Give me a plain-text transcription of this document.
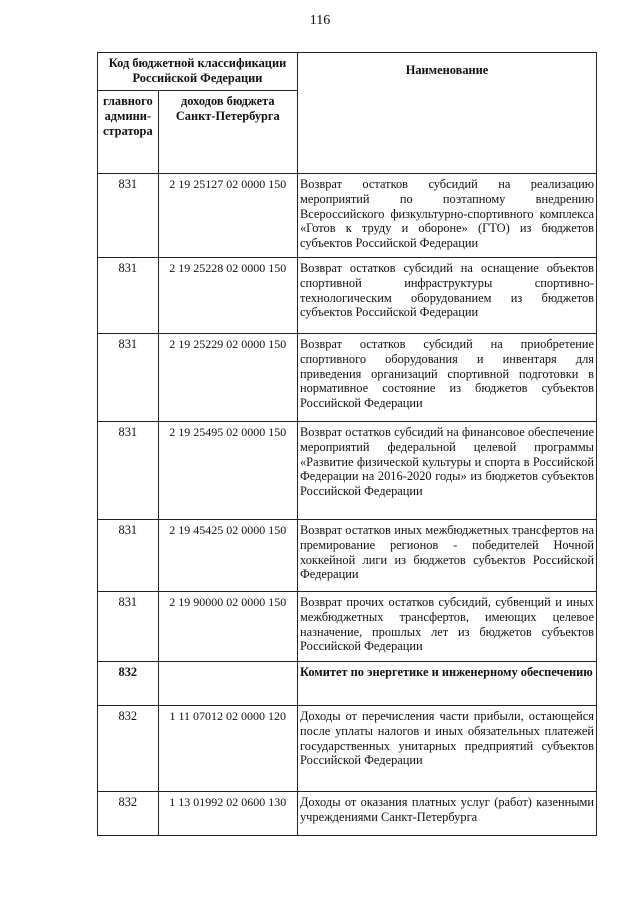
116
Код бюджетной классификации Российской Федерации		Наименование
главного админи-стратора	доходов бюджета Санкт-Петербурга	
831	2 19 25127 02 0000 150	Возврат остатков субсидий на реализацию мероприятий по поэтапному внедрению Всероссийского физкультурно-спортивного комплекса «Готов к труду и обороне» (ГТО) из бюджетов субъектов Российской Федерации
831	2 19 25228 02 0000 150	Возврат остатков субсидий на оснащение объектов спортивной инфраструктуры спортивно-технологическим оборудованием из бюджетов субъектов Российской Федерации
831	2 19 25229 02 0000 150	Возврат остатков субсидий на приобретение спортивного оборудования и инвентаря для приведения организаций спортивной подготовки в нормативное состояние из бюджетов субъектов Российской Федерации
831	2 19 25495 02 0000 150	Возврат остатков субсидий на финансовое обеспечение мероприятий федеральной целевой программы «Развитие физической культуры и спорта в Российской Федерации на 2016-2020 годы» из бюджетов субъектов Российской Федерации
831	2 19 45425 02 0000 150	Возврат остатков иных межбюджетных трансфертов на премирование регионов - победителей Ночной хоккейной лиги из бюджетов субъектов Российской Федерации
831	2 19 90000 02 0000 150	Возврат прочих остатков субсидий, субвенций и иных межбюджетных трансфертов, имеющих целевое назначение, прошлых лет из бюджетов субъектов Российской Федерации
832		Комитет по энергетике и инженерному обеспечению
832	1 11 07012 02 0000 120	Доходы от перечисления части прибыли, остающейся после уплаты налогов и иных обязательных платежей государственных унитарных предприятий субъектов Российской Федерации
832	1 13 01992 02 0600 130	Доходы от оказания платных услуг (работ) казенными учреждениями Санкт-Петербурга
